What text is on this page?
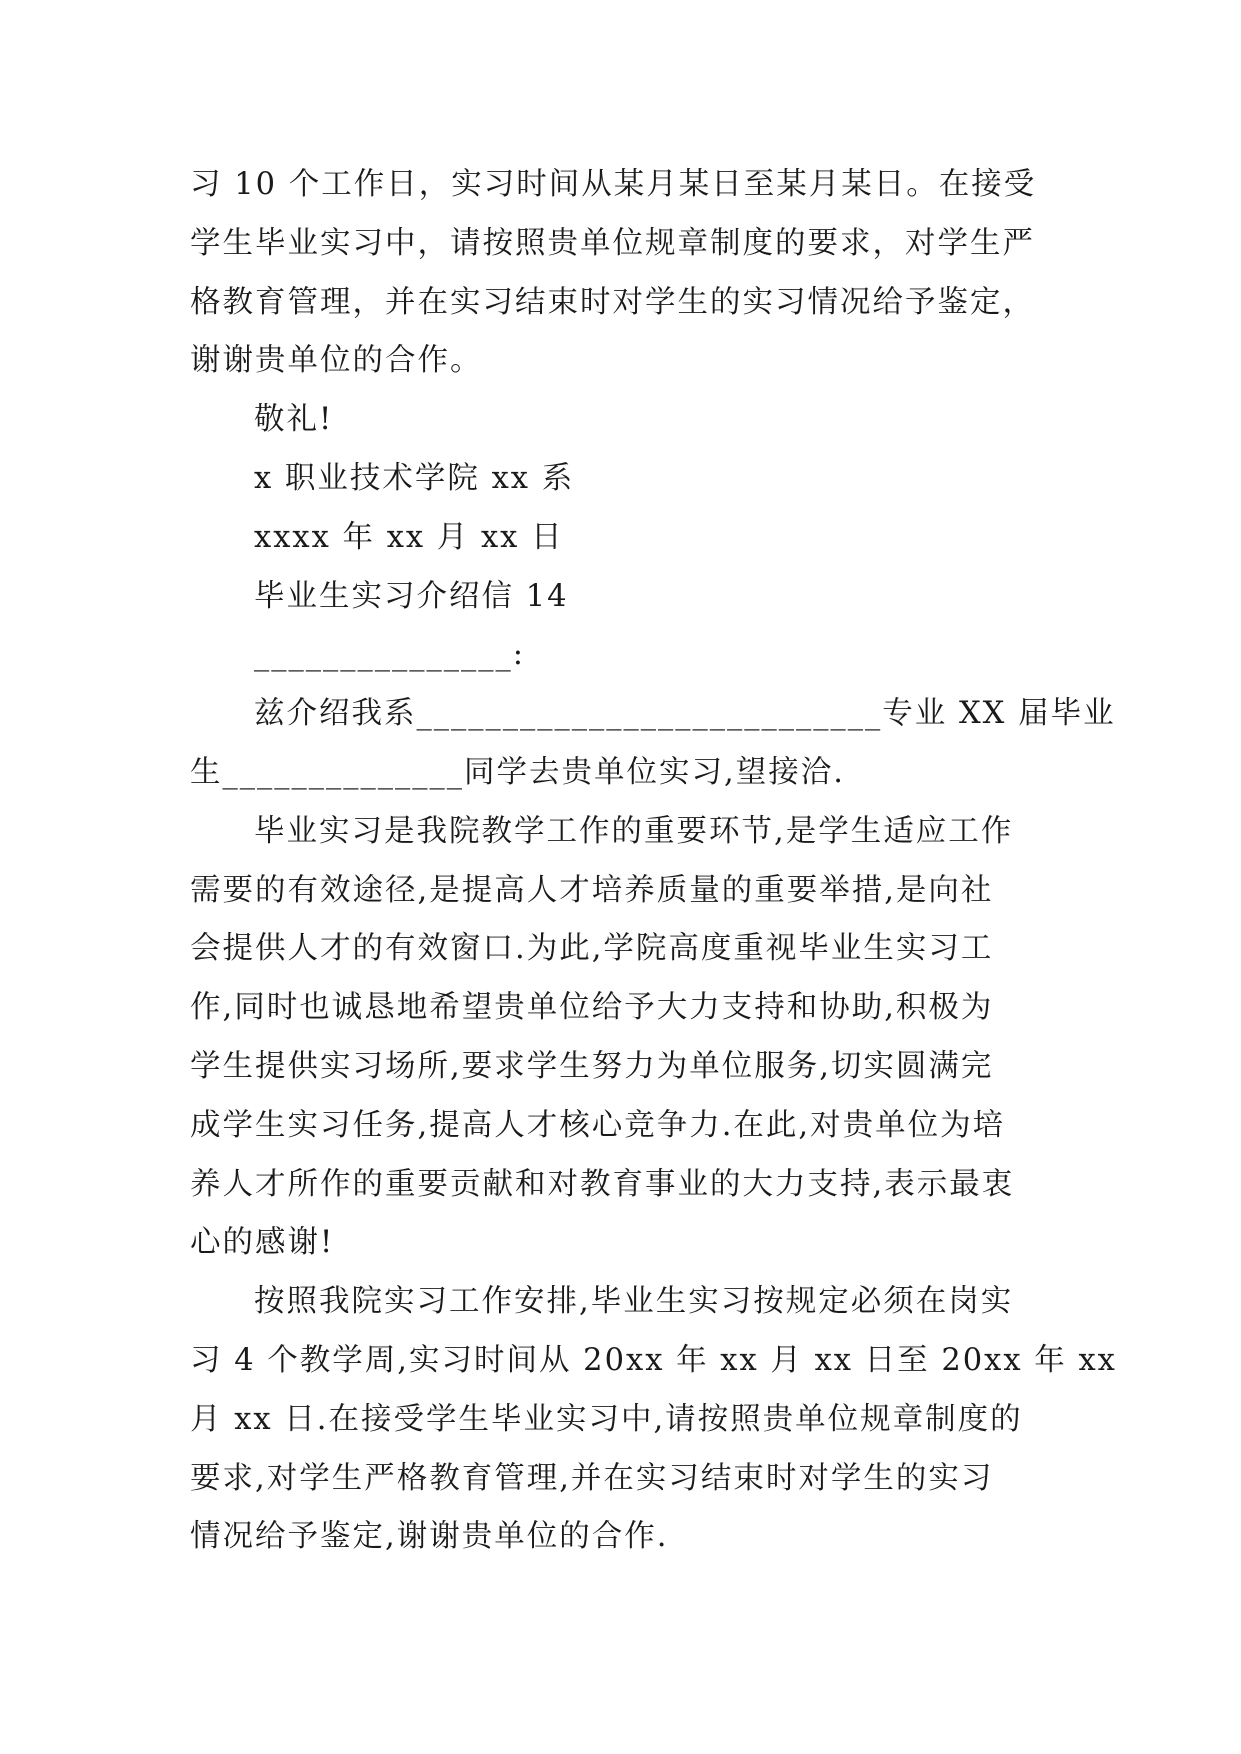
习 10 个工作日，实习时间从某月某日至某月某日。在接受
学生毕业实习中，请按照贵单位规章制度的要求，对学生严
格教育管理，并在实习结束时对学生的实习情况给予鉴定，
谢谢贵单位的合作。
敬礼!
x 职业技术学院 xx 系
xxxx 年 xx 月 xx 日
毕业生实习介绍信 14
_______________:
兹介绍我系___________________________专业 XX 届毕业
生______________同学去贵单位实习,望接洽.
毕业实习是我院教学工作的重要环节,是学生适应工作
需要的有效途径,是提高人才培养质量的重要举措,是向社
会提供人才的有效窗口.为此,学院高度重视毕业生实习工
作,同时也诚恳地希望贵单位给予大力支持和协助,积极为
学生提供实习场所,要求学生努力为单位服务,切实圆满完
成学生实习任务,提高人才核心竞争力.在此,对贵单位为培
养人才所作的重要贡献和对教育事业的大力支持,表示最衷
心的感谢!
按照我院实习工作安排,毕业生实习按规定必须在岗实
习 4 个教学周,实习时间从 20xx 年 xx 月 xx 日至 20xx 年 xx
月 xx 日.在接受学生毕业实习中,请按照贵单位规章制度的
要求,对学生严格教育管理,并在实习结束时对学生的实习
情况给予鉴定,谢谢贵单位的合作.
